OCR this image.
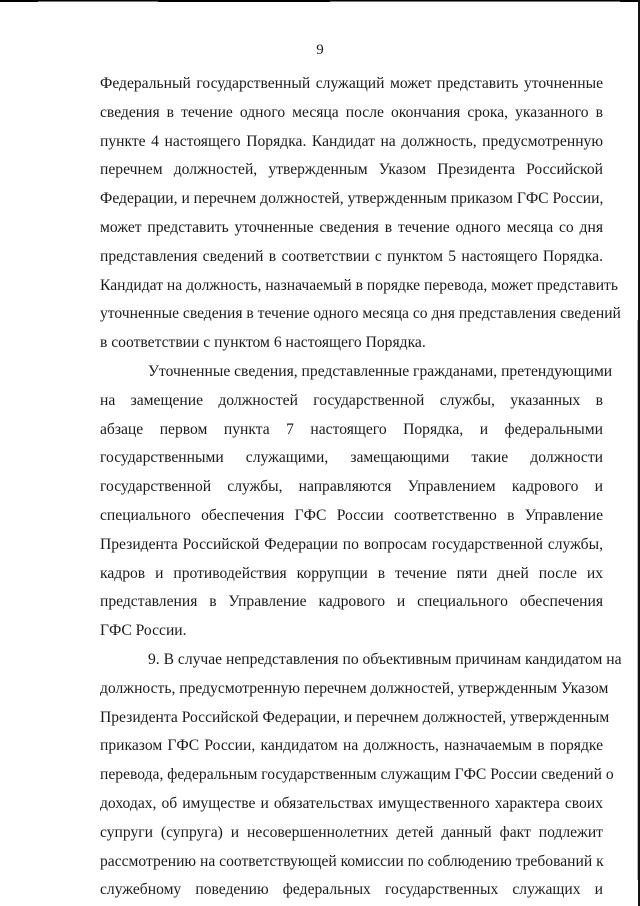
9
Федеральный государственный служащий может представить уточненные
сведения в течение одного месяца после окончания срока, указанного в
пункте 4 настоящего Порядка. Кандидат на должность, предусмотренную
перечнем должностей, утвержденным Указом Президента Российской
Федерации, и перечнем должностей, утвержденным приказом ГФС России,
может представить уточненные сведения в течение одного месяца со дня
представления сведений в соответствии с пунктом 5 настоящего Порядка.
Кандидат на должность, назначаемый в порядке перевода, может представить
уточненные сведения в течение одного месяца со дня представления сведений
в соответствии с пунктом 6 настоящего Порядка.
Уточненные сведения, представленные гражданами, претендующими
на замещение должностей государственной службы, указанных в
абзаце первом пункта 7 настоящего Порядка, и федеральными
государственными служащими, замещающими такие должности
государственной службы, направляются Управлением кадрового и
специального обеспечения ГФС России соответственно в Управление
Президента Российской Федерации по вопросам государственной службы,
кадров и противодействия коррупции в течение пяти дней после их
представления в Управление кадрового и специального обеспечения
ГФС России.
9. В случае непредставления по объективным причинам кандидатом на
должность, предусмотренную перечнем должностей, утвержденным Указом
Президента Российской Федерации, и перечнем должностей, утвержденным
приказом ГФС России, кандидатом на должность, назначаемым в порядке
перевода, федеральным государственным служащим ГФС России сведений о
доходах, об имуществе и обязательствах имущественного характера своих
супруги (супруга) и несовершеннолетних детей данный факт подлежит
рассмотрению на соответствующей комиссии по соблюдению требований к
служебному поведению федеральных государственных служащих и
